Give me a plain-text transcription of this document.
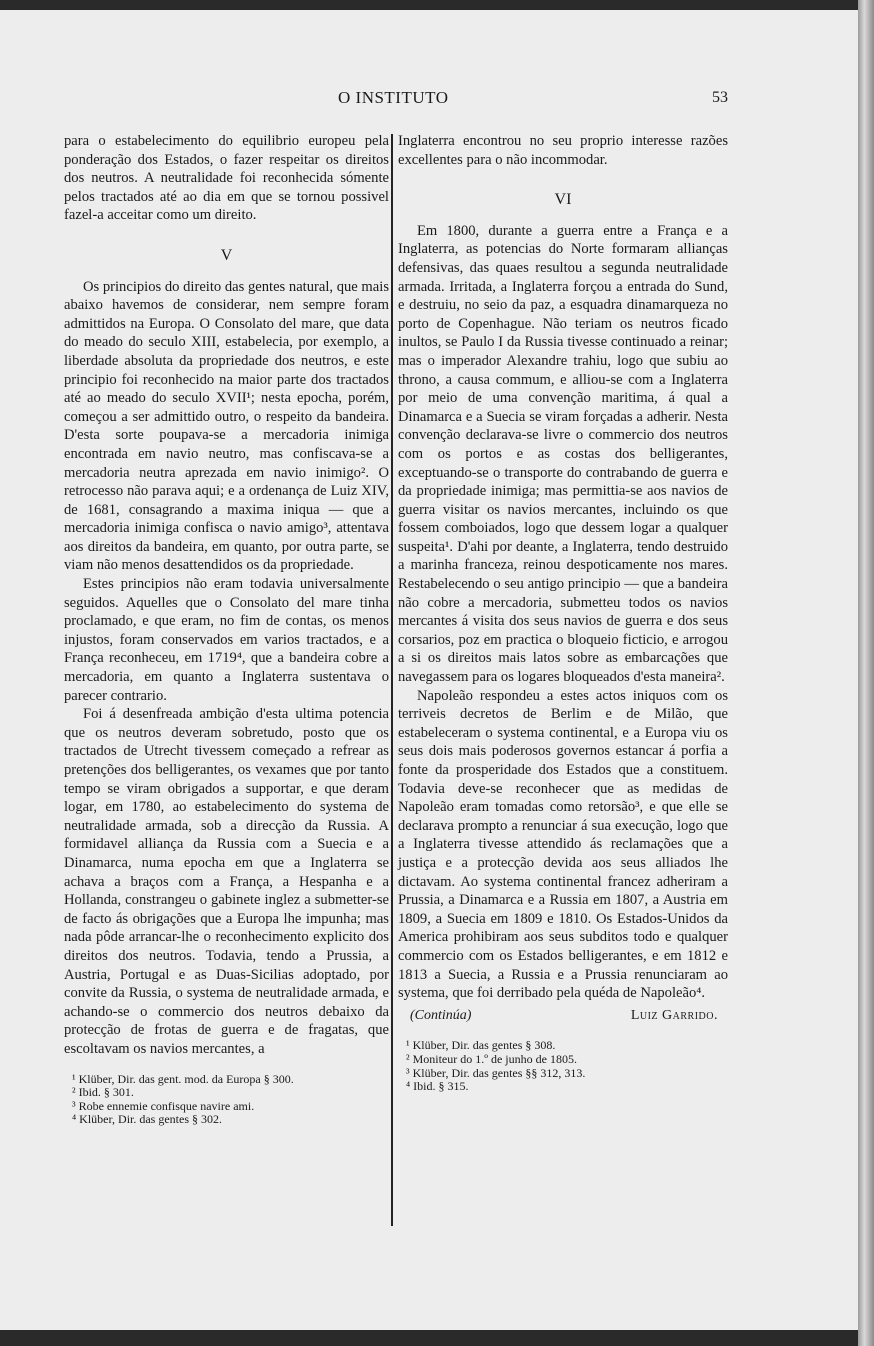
O INSTITUTO	53

para o estabelecimento do equilibrio europeu pela ponderação dos Estados, o fazer respeitar os direitos dos neutros. A neutralidade foi reconhecida sómente pelos tractados até ao dia em que se tornou possivel fazel-a acceitar como um direito.

V

Os principios do direito das gentes natural, que mais abaixo havemos de considerar, nem sempre foram admittidos na Europa. O Consolato del mare, que data do meado do seculo XIII, estabelecia, por exemplo, a liberdade absoluta da propriedade dos neutros, e este principio foi reconhecido na maior parte dos tractados até ao meado do seculo XVII¹; nesta epocha, porém, começou a ser admittido outro, o respeito da bandeira. D'esta sorte poupava-se a mercadoria inimiga encontrada em navio neutro, mas confiscava-se a mercadoria neutra aprezada em navio inimigo². O retrocesso não parava aqui; e a ordenança de Luiz XIV, de 1681, consagrando a maxima iniqua — que a mercadoria inimiga confisca o navio amigo³, attentava aos direitos da bandeira, em quanto, por outra parte, se viam não menos desattendidos os da propriedade.

Estes principios não eram todavia universalmente seguidos. Aquelles que o Consolato del mare tinha proclamado, e que eram, no fim de contas, os menos injustos, foram conservados em varios tractados, e a França reconheceu, em 1719⁴, que a bandeira cobre a mercadoria, em quanto a Inglaterra sustentava o parecer contrario.

Foi á desenfreada ambição d'esta ultima potencia que os neutros deveram sobretudo, posto que os tractados de Utrecht tivessem começado a refrear as pretenções dos belligerantes, os vexames que por tanto tempo se viram obrigados a supportar, e que deram logar, em 1780, ao estabelecimento do systema de neutralidade armada, sob a direcção da Russia. A formidavel alliança da Russia com a Suecia e a Dinamarca, numa epocha em que a Inglaterra se achava a braços com a França, a Hespanha e a Hollanda, constrangeu o gabinete inglez a submetter-se de facto ás obrigações que a Europa lhe impunha; mas nada pôde arrancar-lhe o reconhecimento explicito dos direitos dos neutros. Todavia, tendo a Prussia, a Austria, Portugal e as Duas-Sicilias adoptado, por convite da Russia, o systema de neutralidade armada, e achando-se o commercio dos neutros debaixo da protecção de frotas de guerra e de fragatas, que escoltavam os navios mercantes, a

¹ Klüber, Dir. das gent. mod. da Europa § 300.
² Ibid. § 301.
³ Robe ennemie confisque navire ami.
⁴ Klüber, Dir. das gentes § 302.

Inglaterra encontrou no seu proprio interesse razões excellentes para o não incommodar.

VI

Em 1800, durante a guerra entre a França e a Inglaterra, as potencias do Norte formaram allianças defensivas, das quaes resultou a segunda neutralidade armada. Irritada, a Inglaterra forçou a entrada do Sund, e destruiu, no seio da paz, a esquadra dinamarqueza no porto de Copenhague. Não teriam os neutros ficado inultos, se Paulo I da Russia tivesse continuado a reinar; mas o imperador Alexandre trahiu, logo que subiu ao throno, a causa commum, e alliou-se com a Inglaterra por meio de uma convenção maritima, á qual a Dinamarca e a Suecia se viram forçadas a adherir. Nesta convenção declarava-se livre o commercio dos neutros com os portos e as costas dos belligerantes, exceptuando-se o transporte do contrabando de guerra e da propriedade inimiga; mas permittia-se aos navios de guerra visitar os navios mercantes, incluindo os que fossem comboiados, logo que dessem logar a qualquer suspeita¹. D'ahi por deante, a Inglaterra, tendo destruido a marinha franceza, reinou despoticamente nos mares. Restabelecendo o seu antigo principio — que a bandeira não cobre a mercadoria, submetteu todos os navios mercantes á visita dos seus navios de guerra e dos seus corsarios, poz em practica o bloqueio ficticio, e arrogou a si os direitos mais latos sobre as embarcações que navegassem para os logares bloqueados d'esta maneira².

Napoleão respondeu a estes actos iniquos com os terriveis decretos de Berlim e de Milão, que estabeleceram o systema continental, e a Europa viu os seus dois mais poderosos governos estancar á porfia a fonte da prosperidade dos Estados que a constituem. Todavia deve-se reconhecer que as medidas de Napoleão eram tomadas como retorsão³, e que elle se declarava prompto a renunciar á sua execução, logo que a Inglaterra tivesse attendido ás reclamações que a justiça e a protecção devida aos seus alliados lhe dictavam. Ao systema continental francez adheriram a Prussia, a Dinamarca e a Russia em 1807, a Austria em 1809, a Suecia em 1809 e 1810. Os Estados-Unidos da America prohibiram aos seus subditos todo e qualquer commercio com os Estados belligerantes, e em 1812 e 1813 a Suecia, a Russia e a Prussia renunciaram ao systema, que foi derribado pela quéda de Napoleão⁴.

(Continúa)	Luiz Garrido.
¹ Klüber, Dir. das gentes § 308.
² Moniteur do 1.º de junho de 1805.
³ Klüber, Dir. das gentes §§ 312, 313.
⁴ Ibid. § 315.
